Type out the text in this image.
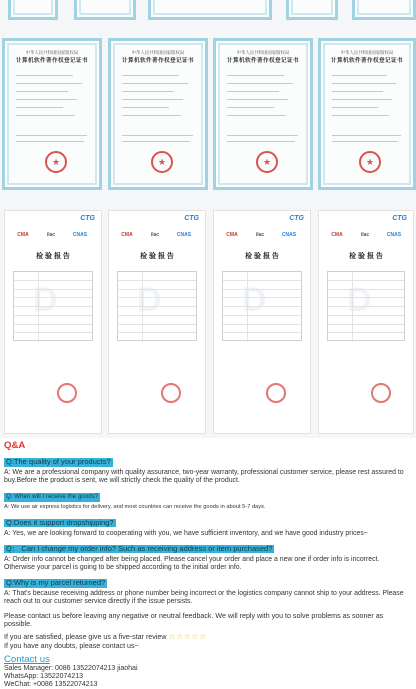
中华人民共和国国家版权局
计算机软件著作权登记证书
★
中华人民共和国国家版权局
计算机软件著作权登记证书
★
中华人民共和国国家版权局
计算机软件著作权登记证书
★
中华人民共和国国家版权局
计算机软件著作权登记证书
★
CTG
CMA	ilac	CNAS
检 验 报 告
D
CTG
CMA	ilac	CNAS
检 验 报 告
D
CTG
CMA	ilac	CNAS
检 验 报 告
D
CTG
CMA	ilac	CNAS
检 验 报 告
D
Q&A
Q:The quality of your products?
A: We are a professional company with quality assurance, two-year warranty, professional customer service, please rest assured to buy.Before the product is sent, we will strictly check the quality of the product.
Q: When will I receive the goods?
A: We use air express logistics for delivery, and most countries can receive the goods in about 5-7 days.
Q:Does it support dropshipping?
A: Yes, we are looking forward to cooperating with you, we have sufficient inventory, and we have good industry prices~
Q： Can I change my order info? Such as receiving address or item purchased?
A: Order info cannot be changed after being placed. Please cancel your order and place a new one if order info is incorrect. Otherwise your parcel is going to be shipped according to the initial order info.
Q:Why is my parcel returned?
A: That's because receiving address or phone number being incorrect or the logistics company cannot ship to your address. Please reach out to our customer service directly if the issue persists.
Please contact us before leaving any negative or neutral feedback. We will reply with you to solve problems as sooner as possible.
If you are satisfied, please give us a five-star review ☆☆☆☆☆
If you have any doubts, please contact us~
Contact us
Sales Manager: 0086 13522074213 jiaohai
WhatsApp: 13522074213
WeChat: +0086 13522074213
